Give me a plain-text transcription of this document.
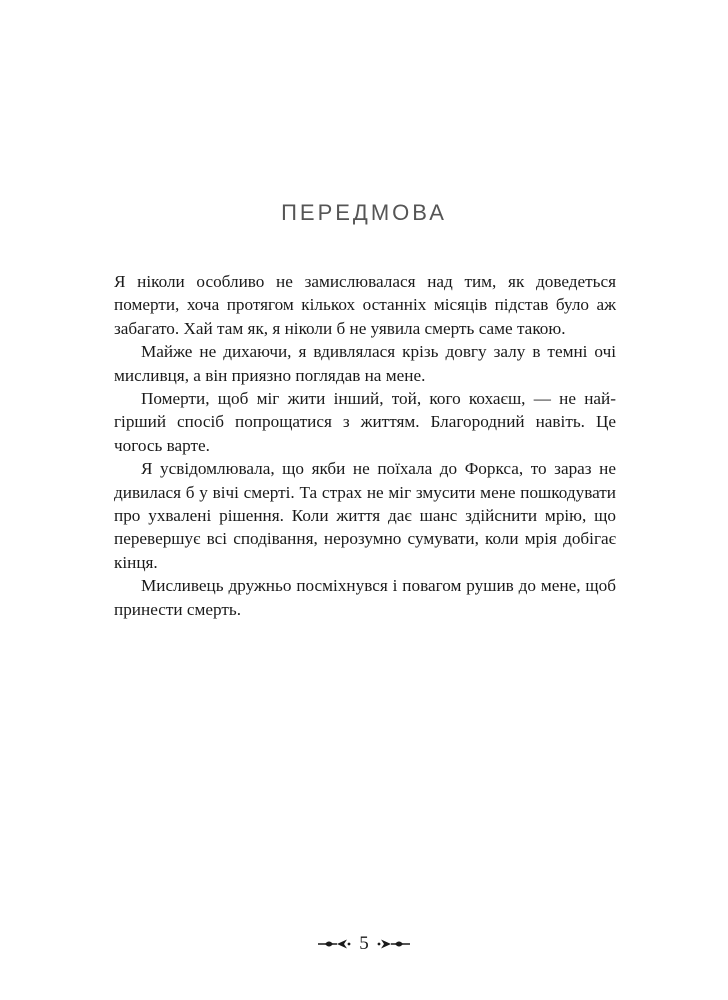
ПЕРЕДМОВА

Я ніколи особливо не замислювалася над тим, як доведеться померти, хоча протягом кількох останніх місяців підстав було аж забагато. Хай там як, я ніколи б не уявила смерть саме такою.

Майже не дихаючи, я вдивлялася крізь довгу залу в темні очі мисливця, а він приязно поглядав на мене.

Померти, щоб міг жити інший, той, кого кохаєш, — не найгірший спосіб попрощатися з життям. Благородний навіть. Це чогось варте.

Я усвідомлювала, що якби не поїхала до Форкса, то зараз не дивилася б у вічі смерті. Та страх не міг змусити мене пошкодувати про ухвалені рішення. Коли життя дає шанс здійснити мрію, що перевершує всі сподівання, нерозумно сумувати, коли мрія добігає кінця.

Мисливець дружньо посміхнувся і повагом рушив до мене, щоб принести смерть.

5
